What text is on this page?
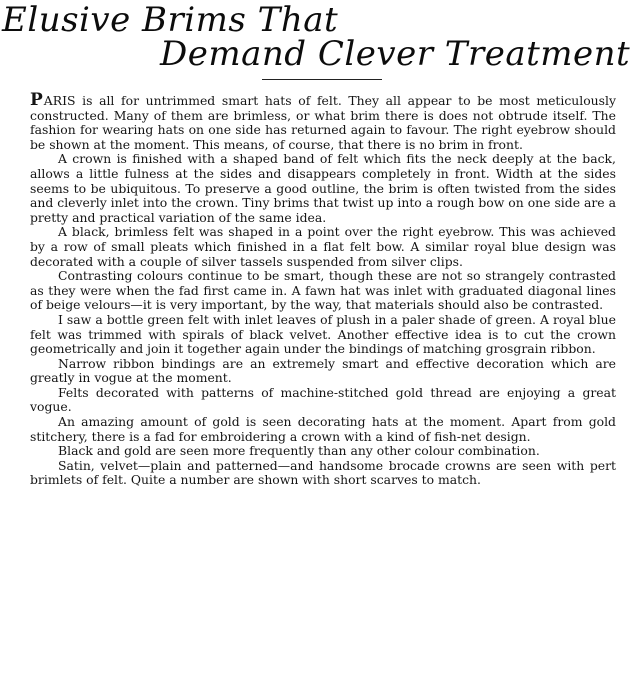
Elusive Brims That
Demand Clever Treatment

PARIS is all for untrimmed smart hats of felt. They all appear to be most meticulously constructed. Many of them are brimless, or what brim there is does not obtrude itself. The fashion for wearing hats on one side has returned again to favour. The right eyebrow should be shown at the moment. This means, of course, that there is no brim in front.

A crown is finished with a shaped band of felt which fits the neck deeply at the back, allows a little fulness at the sides and disappears completely in front. Width at the sides seems to be ubiquitous. To preserve a good outline, the brim is often twisted from the sides and cleverly inlet into the crown. Tiny brims that twist up into a rough bow on one side are a pretty and practical variation of the same idea.

A black, brimless felt was shaped in a point over the right eyebrow. This was achieved by a row of small pleats which finished in a flat felt bow. A similar royal blue design was decorated with a couple of silver tassels suspended from silver clips.

Contrasting colours continue to be smart, though these are not so strangely contrasted as they were when the fad first came in. A fawn hat was inlet with graduated diagonal lines of beige velours—it is very important, by the way, that materials should also be contrasted.

I saw a bottle green felt with inlet leaves of plush in a paler shade of green. A royal blue felt was trimmed with spirals of black velvet. Another effective idea is to cut the crown geometrically and join it together again under the bindings of matching grosgrain ribbon.

Narrow ribbon bindings are an extremely smart and effective decoration which are greatly in vogue at the moment.

Felts decorated with patterns of machine-stitched gold thread are enjoying a great vogue.

An amazing amount of gold is seen decorating hats at the moment. Apart from gold stitchery, there is a fad for embroidering a crown with a kind of fish-net design.

Black and gold are seen more frequently than any other colour combination.

Satin, velvet—plain and patterned—and handsome brocade crowns are seen with pert brimlets of felt. Quite a number are shown with short scarves to match.
